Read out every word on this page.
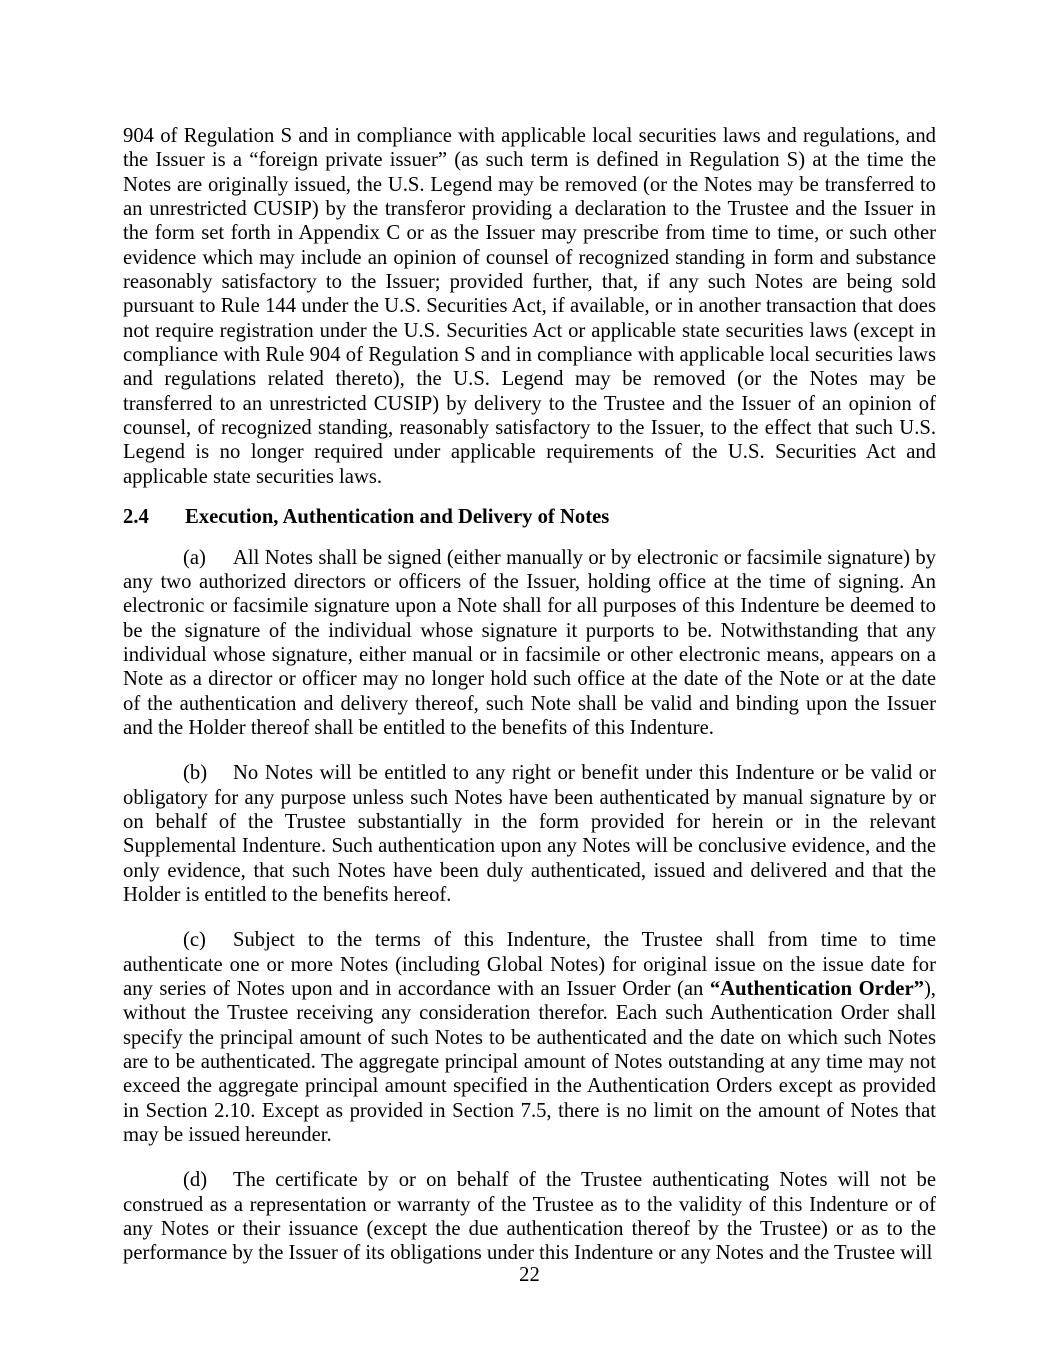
904 of Regulation S and in compliance with applicable local securities laws and regulations, and the Issuer is a “foreign private issuer” (as such term is defined in Regulation S) at the time the Notes are originally issued, the U.S. Legend may be removed (or the Notes may be transferred to an unrestricted CUSIP) by the transferor providing a declaration to the Trustee and the Issuer in the form set forth in Appendix C or as the Issuer may prescribe from time to time, or such other evidence which may include an opinion of counsel of recognized standing in form and substance reasonably satisfactory to the Issuer; provided further, that, if any such Notes are being sold pursuant to Rule 144 under the U.S. Securities Act, if available, or in another transaction that does not require registration under the U.S. Securities Act or applicable state securities laws (except in compliance with Rule 904 of Regulation S and in compliance with applicable local securities laws and regulations related thereto), the U.S. Legend may be removed (or the Notes may be transferred to an unrestricted CUSIP) by delivery to the Trustee and the Issuer of an opinion of counsel, of recognized standing, reasonably satisfactory to the Issuer, to the effect that such U.S. Legend is no longer required under applicable requirements of the U.S. Securities Act and applicable state securities laws.

2.4 Execution, Authentication and Delivery of Notes

(a) All Notes shall be signed (either manually or by electronic or facsimile signature) by any two authorized directors or officers of the Issuer, holding office at the time of signing. An electronic or facsimile signature upon a Note shall for all purposes of this Indenture be deemed to be the signature of the individual whose signature it purports to be. Notwithstanding that any individual whose signature, either manual or in facsimile or other electronic means, appears on a Note as a director or officer may no longer hold such office at the date of the Note or at the date of the authentication and delivery thereof, such Note shall be valid and binding upon the Issuer and the Holder thereof shall be entitled to the benefits of this Indenture.

(b) No Notes will be entitled to any right or benefit under this Indenture or be valid or obligatory for any purpose unless such Notes have been authenticated by manual signature by or on behalf of the Trustee substantially in the form provided for herein or in the relevant Supplemental Indenture. Such authentication upon any Notes will be conclusive evidence, and the only evidence, that such Notes have been duly authenticated, issued and delivered and that the Holder is entitled to the benefits hereof.

(c) Subject to the terms of this Indenture, the Trustee shall from time to time authenticate one or more Notes (including Global Notes) for original issue on the issue date for any series of Notes upon and in accordance with an Issuer Order (an “Authentication Order”), without the Trustee receiving any consideration therefor. Each such Authentication Order shall specify the principal amount of such Notes to be authenticated and the date on which such Notes are to be authenticated. The aggregate principal amount of Notes outstanding at any time may not exceed the aggregate principal amount specified in the Authentication Orders except as provided in Section 2.10. Except as provided in Section 7.5, there is no limit on the amount of Notes that may be issued hereunder.

(d) The certificate by or on behalf of the Trustee authenticating Notes will not be construed as a representation or warranty of the Trustee as to the validity of this Indenture or of any Notes or their issuance (except the due authentication thereof by the Trustee) or as to the performance by the Issuer of its obligations under this Indenture or any Notes and the Trustee will

22
